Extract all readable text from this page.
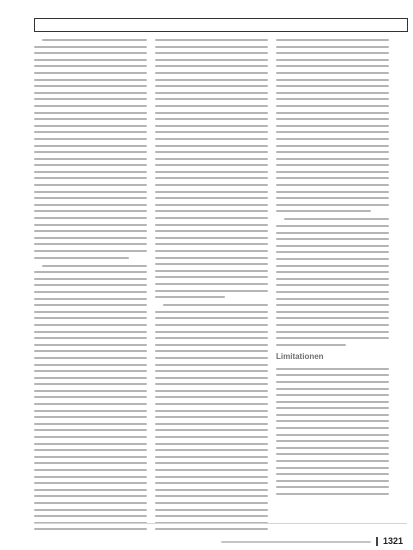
Limitationen
1321
